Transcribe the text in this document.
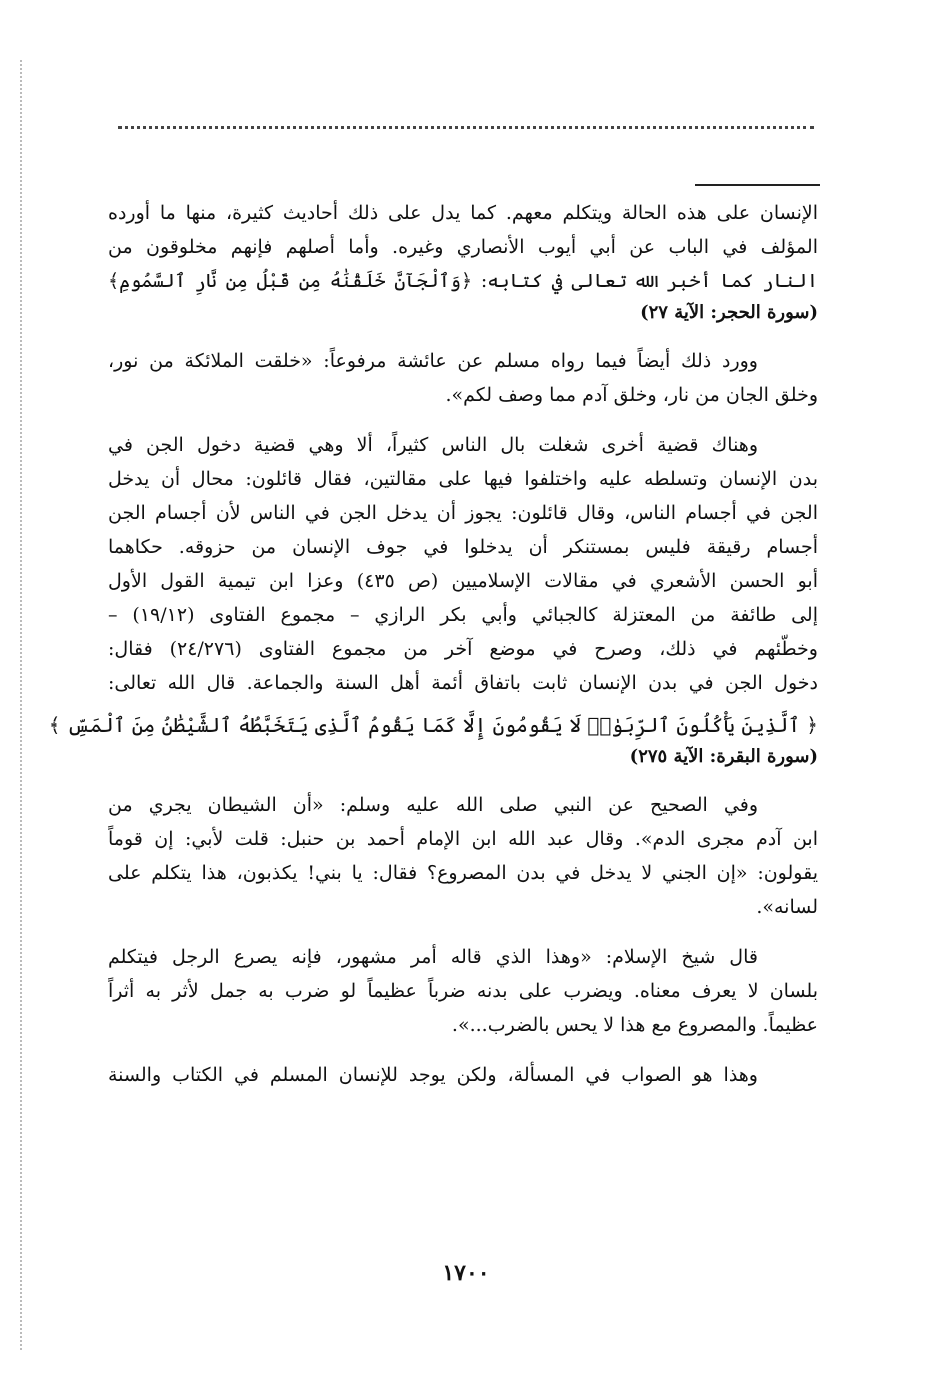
الإنسان على هذه الحالة ويتكلم معهم. كما يدل على ذلك أحاديث كثيرة، منها ما أورده
المؤلف في الباب عن أبي أيوب الأنصاري وغيره. وأما أصلهم فإنهم مخلوقون من
النار كما أخبر الله تعالى في كتابه: ﴿وَٱلْجَآنَّ خَلَقْنَٰهُ مِن قَبْلُ مِن نَّارِ ٱلسَّمُومِ﴾
(سورة الحجر: الآية ٢٧)
وورد ذلك أيضاً فيما رواه مسلم عن عائشة مرفوعاً: «خلقت الملائكة من نور،
وخلق الجان من نار، وخلق آدم مما وصف لكم».
وهناك قضية أخرى شغلت بال الناس كثيراً، ألا وهي قضية دخول الجن في
بدن الإنسان وتسلطه عليه واختلفوا فيها على مقالتين، فقال قائلون: محال أن يدخل
الجن في أجسام الناس، وقال قائلون: يجوز أن يدخل الجن في الناس لأن أجسام الجن
أجسام رقيقة فليس بمستنكر أن يدخلوا في جوف الإنسان من حزوقه. حكاهما
أبو الحسن الأشعري في مقالات الإسلاميين (ص ٤٣٥) وعزا ابن تيمية القول الأول
إلى طائفة من المعتزلة كالجبائي وأبي بكر الرازي – مجموع الفتاوى (١٩/١٢) –
وخطّئهم في ذلك، وصرح في موضع آخر من مجموع الفتاوى (٢٤/٢٧٦) فقال:
دخول الجن في بدن الإنسان ثابت باتفاق أئمة أهل السنة والجماعة. قال الله تعالى:
﴿ ٱلَّذِينَ يَأْكُلُونَ ٱلرِّبَوٰا۟ لَا يَقُومُونَ إِلَّا كَمَا يَقُومُ ٱلَّذِى يَتَخَبَّطُهُ ٱلشَّيْطَٰنُ مِنَ ٱلْمَسِّ ﴾
(سورة البقرة: الآية ٢٧٥)
وفي الصحيح عن النبي صلى الله عليه وسلم: «أن الشيطان يجري من
ابن آدم مجرى الدم». وقال عبد الله ابن الإمام أحمد بن حنبل: قلت لأبي: إن قوماً
يقولون: «إن الجني لا يدخل في بدن المصروع؟ فقال: يا بني! يكذبون، هذا يتكلم على
لسانه».
قال شيخ الإسلام: «وهذا الذي قاله أمر مشهور، فإنه يصرع الرجل فيتكلم
بلسان لا يعرف معناه. ويضرب على بدنه ضرباً عظيماً لو ضرب به جمل لأثر به أثراً
عظيماً. والمصروع مع هذا لا يحس بالضرب...».
وهذا هو الصواب في المسألة، ولكن يوجد للإنسان المسلم في الكتاب والسنة
١٧٠٠
